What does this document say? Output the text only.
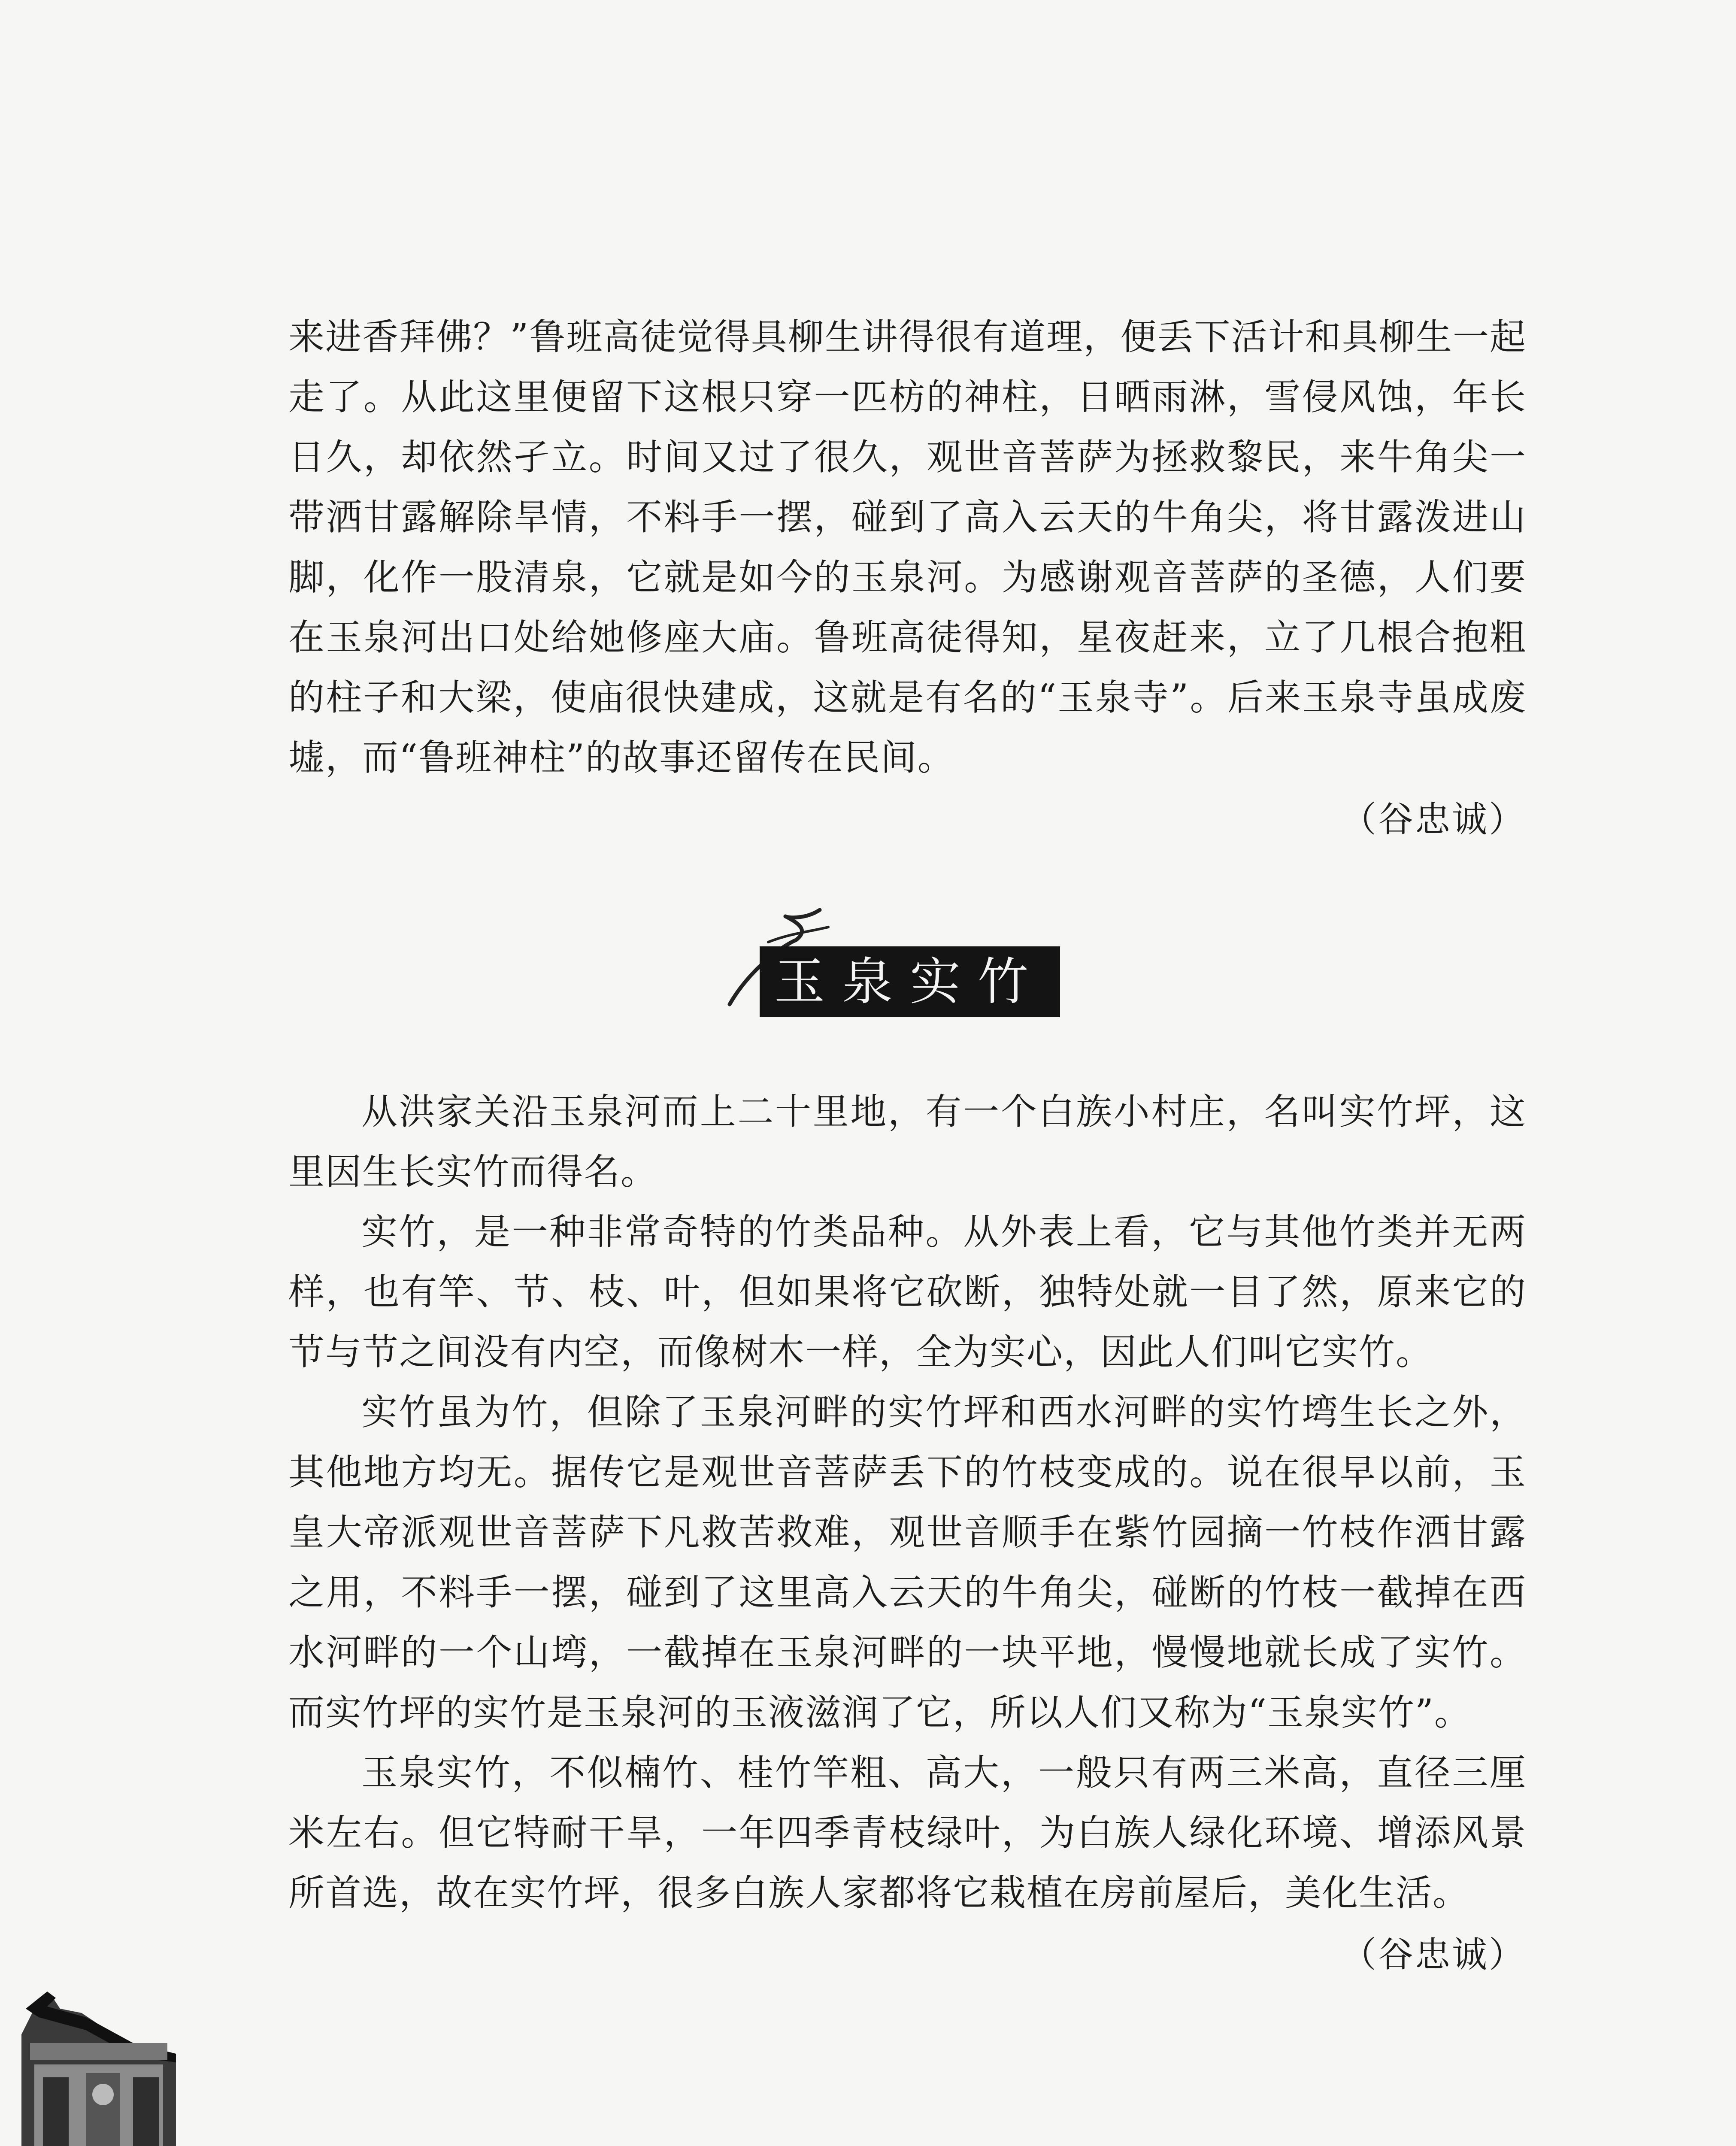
来进香拜佛？”鲁班高徒觉得具柳生讲得很有道理，便丢下活计和具柳生一起走了。从此这里便留下这根只穿一匹枋的神柱，日晒雨淋，雪侵风蚀，年长日久，却依然孑立。时间又过了很久，观世音菩萨为拯救黎民，来牛角尖一带洒甘露解除旱情，不料手一摆，碰到了高入云天的牛角尖，将甘露泼进山脚，化作一股清泉，它就是如今的玉泉河。为感谢观音菩萨的圣德，人们要在玉泉河出口处给她修座大庙。鲁班高徒得知，星夜赶来，立了几根合抱粗的柱子和大梁，使庙很快建成，这就是有名的“玉泉寺”。后来玉泉寺虽成废墟，而“鲁班神柱”的故事还留传在民间。

（谷忠诚）
玉泉实竹

从洪家关沿玉泉河而上二十里地，有一个白族小村庄，名叫实竹坪，这里因生长实竹而得名。

实竹，是一种非常奇特的竹类品种。从外表上看，它与其他竹类并无两样，也有竿、节、枝、叶，但如果将它砍断，独特处就一目了然，原来它的节与节之间没有内空，而像树木一样，全为实心，因此人们叫它实竹。

实竹虽为竹，但除了玉泉河畔的实竹坪和西水河畔的实竹塆生长之外，其他地方均无。据传它是观世音菩萨丢下的竹枝变成的。说在很早以前，玉皇大帝派观世音菩萨下凡救苦救难，观世音顺手在紫竹园摘一竹枝作洒甘露之用，不料手一摆，碰到了这里高入云天的牛角尖，碰断的竹枝一截掉在西水河畔的一个山塆，一截掉在玉泉河畔的一块平地，慢慢地就长成了实竹。而实竹坪的实竹是玉泉河的玉液滋润了它，所以人们又称为“玉泉实竹”。

玉泉实竹，不似楠竹、桂竹竿粗、高大，一般只有两三米高，直径三厘米左右。但它特耐干旱，一年四季青枝绿叶，为白族人绿化环境、增添风景所首选，故在实竹坪，很多白族人家都将它栽植在房前屋后，美化生活。

（谷忠诚）
